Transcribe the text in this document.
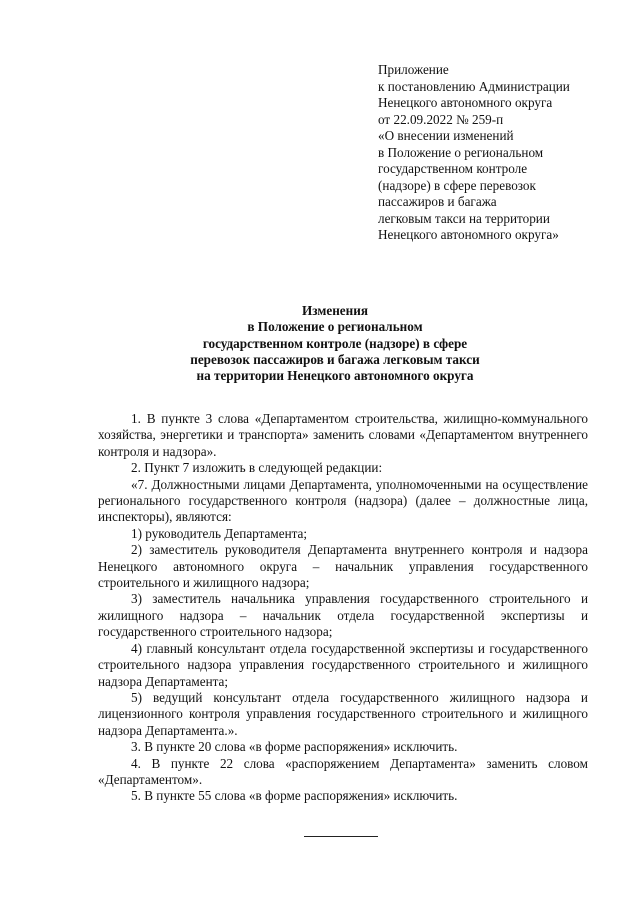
Приложение
к постановлению Администрации
Ненецкого автономного округа
от 22.09.2022 № 259-п
«О внесении изменений
в Положение о региональном
государственном контроле
(надзоре) в сфере перевозок
пассажиров и багажа
легковым такси на территории
Ненецкого автономного округа»
Изменения
в Положение о региональном
государственном контроле (надзоре) в сфере
перевозок пассажиров и багажа легковым такси
на территории Ненецкого автономного округа

1. В пункте 3 слова «Департаментом строительства, жилищно-коммунального хозяйства, энергетики и транспорта» заменить словами «Департаментом внутреннего контроля и надзора».

2. Пункт 7 изложить в следующей редакции:

«7. Должностными лицами Департамента, уполномоченными на осуществление регионального государственного контроля (надзора) (далее – должностные лица, инспекторы), являются:

1) руководитель Департамента;

2) заместитель руководителя Департамента внутреннего контроля и надзора Ненецкого автономного округа – начальник управления государственного строительного и жилищного надзора;

3) заместитель начальника управления государственного строительного и жилищного надзора – начальник отдела государственной экспертизы и государственного строительного надзора;

4) главный консультант отдела государственной экспертизы и государственного строительного надзора управления государственного строительного и жилищного надзора Департамента;

5) ведущий консультант отдела государственного жилищного надзора и лицензионного контроля управления государственного строительного и жилищного надзора Департамента.».

3. В пункте 20 слова «в форме распоряжения» исключить.

4. В пункте 22 слова «распоряжением Департамента» заменить словом «Департаментом».

5. В пункте 55 слова «в форме распоряжения» исключить.
